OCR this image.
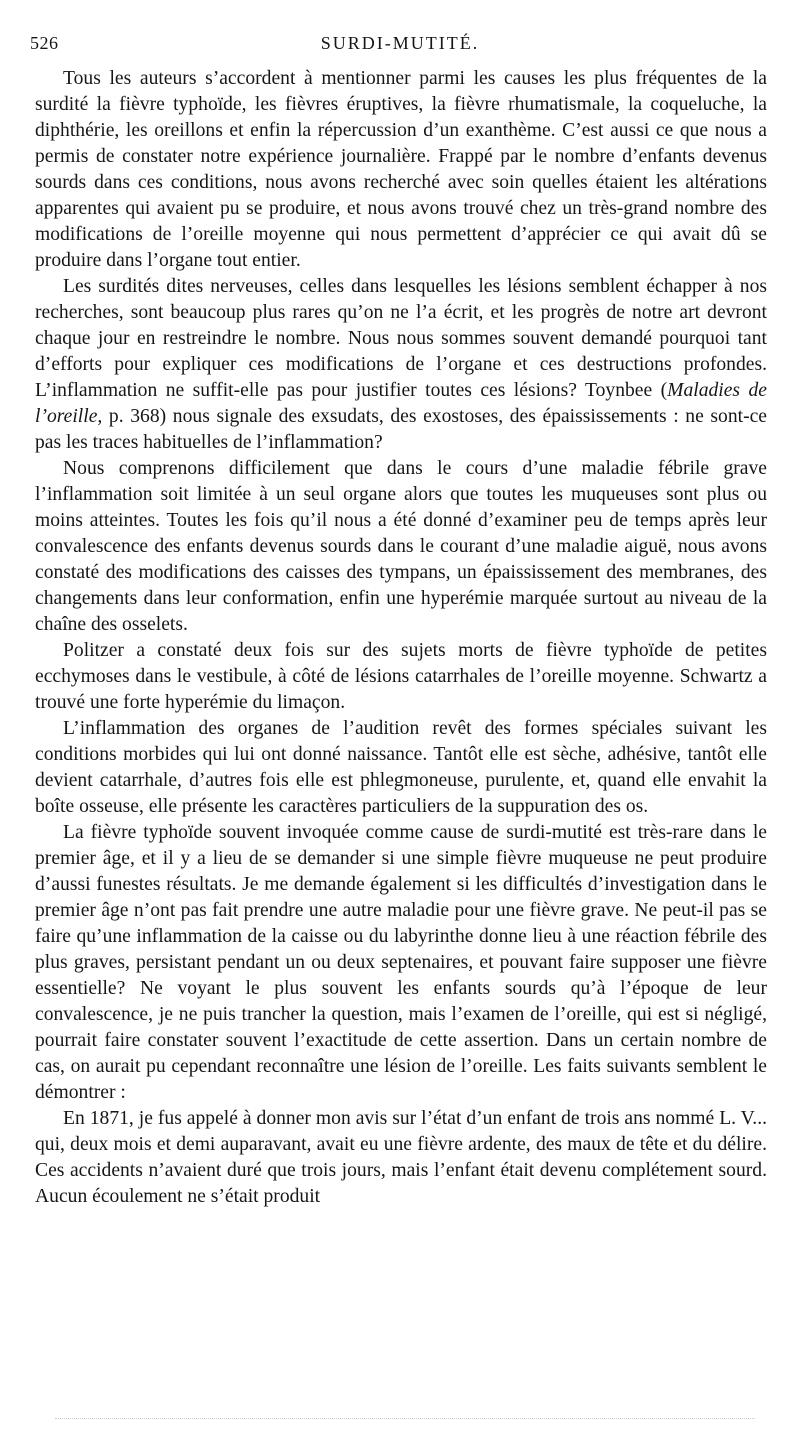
526	SURDI-MUTITÉ.

Tous les auteurs s’accordent à mentionner parmi les causes les plus fréquentes de la surdité la fièvre typhoïde, les fièvres éruptives, la fièvre rhumatismale, la coqueluche, la diphthérie, les oreillons et enfin la répercussion d’un exanthème. C’est aussi ce que nous a permis de constater notre expérience journalière. Frappé par le nombre d’enfants devenus sourds dans ces conditions, nous avons recherché avec soin quelles étaient les altérations apparentes qui avaient pu se produire, et nous avons trouvé chez un très-grand nombre des modifications de l’oreille moyenne qui nous permettent d’apprécier ce qui avait dû se produire dans l’organe tout entier.

Les surdités dites nerveuses, celles dans lesquelles les lésions semblent échapper à nos recherches, sont beaucoup plus rares qu’on ne l’a écrit, et les progrès de notre art devront chaque jour en restreindre le nombre. Nous nous sommes souvent demandé pourquoi tant d’efforts pour expliquer ces modifications de l’organe et ces destructions profondes. L’inflammation ne suffit-elle pas pour justifier toutes ces lésions? Toynbee (Maladies de l’oreille, p. 368) nous signale des exsudats, des exostoses, des épaississements : ne sont-ce pas les traces habituelles de l’inflammation?

Nous comprenons difficilement que dans le cours d’une maladie fébrile grave l’inflammation soit limitée à un seul organe alors que toutes les muqueuses sont plus ou moins atteintes. Toutes les fois qu’il nous a été donné d’examiner peu de temps après leur convalescence des enfants devenus sourds dans le courant d’une maladie aiguë, nous avons constaté des modifications des caisses des tympans, un épaississement des membranes, des changements dans leur conformation, enfin une hyperémie marquée surtout au niveau de la chaîne des osselets.

Politzer a constaté deux fois sur des sujets morts de fièvre typhoïde de petites ecchymoses dans le vestibule, à côté de lésions catarrhales de l’oreille moyenne. Schwartz a trouvé une forte hyperémie du limaçon.

L’inflammation des organes de l’audition revêt des formes spéciales suivant les conditions morbides qui lui ont donné naissance. Tantôt elle est sèche, adhésive, tantôt elle devient catarrhale, d’autres fois elle est phlegmoneuse, purulente, et, quand elle envahit la boîte osseuse, elle présente les caractères particuliers de la suppuration des os.

La fièvre typhoïde souvent invoquée comme cause de surdi-mutité est très-rare dans le premier âge, et il y a lieu de se demander si une simple fièvre muqueuse ne peut produire d’aussi funestes résultats. Je me demande également si les difficultés d’investigation dans le premier âge n’ont pas fait prendre une autre maladie pour une fièvre grave. Ne peut-il pas se faire qu’une inflammation de la caisse ou du labyrinthe donne lieu à une réaction fébrile des plus graves, persistant pendant un ou deux septenaires, et pouvant faire supposer une fièvre essentielle? Ne voyant le plus souvent les enfants sourds qu’à l’époque de leur convalescence, je ne puis trancher la question, mais l’examen de l’oreille, qui est si négligé, pourrait faire constater souvent l’exactitude de cette assertion. Dans un certain nombre de cas, on aurait pu cependant reconnaître une lésion de l’oreille. Les faits suivants semblent le démontrer :

En 1871, je fus appelé à donner mon avis sur l’état d’un enfant de trois ans nommé L. V... qui, deux mois et demi auparavant, avait eu une fièvre ardente, des maux de tête et du délire. Ces accidents n’avaient duré que trois jours, mais l’enfant était devenu complétement sourd. Aucun écoulement ne s’était produit
